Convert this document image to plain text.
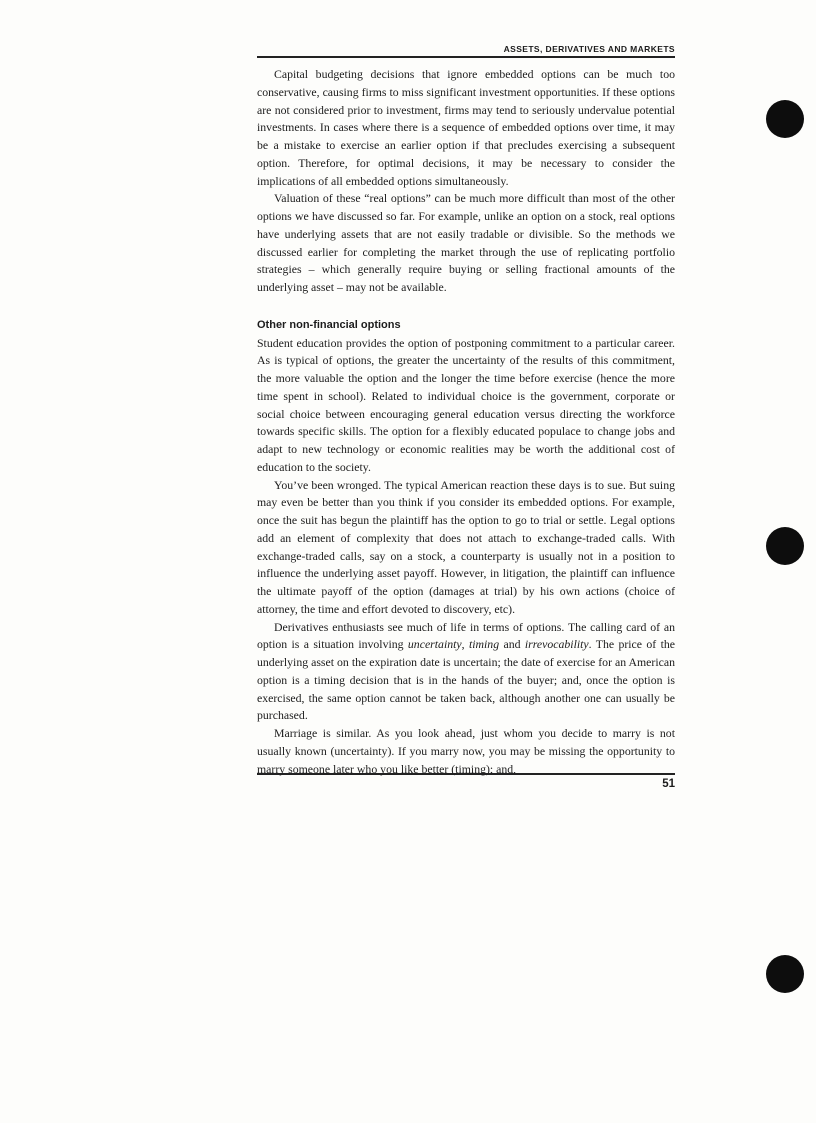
ASSETS, DERIVATIVES AND MARKETS

Capital budgeting decisions that ignore embedded options can be much too conservative, causing firms to miss significant investment opportunities. If these options are not considered prior to investment, firms may tend to seriously undervalue potential investments. In cases where there is a sequence of embedded options over time, it may be a mistake to exercise an earlier option if that precludes exercising a subsequent option. Therefore, for optimal decisions, it may be necessary to consider the implications of all embedded options simultaneously.

Valuation of these “real options” can be much more difficult than most of the other options we have discussed so far. For example, unlike an option on a stock, real options have underlying assets that are not easily tradable or divisible. So the methods we discussed earlier for completing the market through the use of replicating portfolio strategies – which generally require buying or selling fractional amounts of the underlying asset – may not be available.

Other non-financial options

Student education provides the option of postponing commitment to a particular career. As is typical of options, the greater the uncertainty of the results of this commitment, the more valuable the option and the longer the time before exercise (hence the more time spent in school). Related to individual choice is the government, corporate or social choice between encouraging general education versus directing the workforce towards specific skills. The option for a flexibly educated populace to change jobs and adapt to new technology or economic realities may be worth the additional cost of education to the society.

You’ve been wronged. The typical American reaction these days is to sue. But suing may even be better than you think if you consider its embedded options. For example, once the suit has begun the plaintiff has the option to go to trial or settle. Legal options add an element of complexity that does not attach to exchange-traded calls. With exchange-traded calls, say on a stock, a counterparty is usually not in a position to influence the underlying asset payoff. However, in litigation, the plaintiff can influence the ultimate payoff of the option (damages at trial) by his own actions (choice of attorney, the time and effort devoted to discovery, etc).

Derivatives enthusiasts see much of life in terms of options. The calling card of an option is a situation involving uncertainty, timing and irrevocability. The price of the underlying asset on the expiration date is uncertain; the date of exercise for an American option is a timing decision that is in the hands of the buyer; and, once the option is exercised, the same option cannot be taken back, although another one can usually be purchased.

Marriage is similar. As you look ahead, just whom you decide to marry is not usually known (uncertainty). If you marry now, you may be missing the opportunity to marry someone later who you like better (timing); and,

51
